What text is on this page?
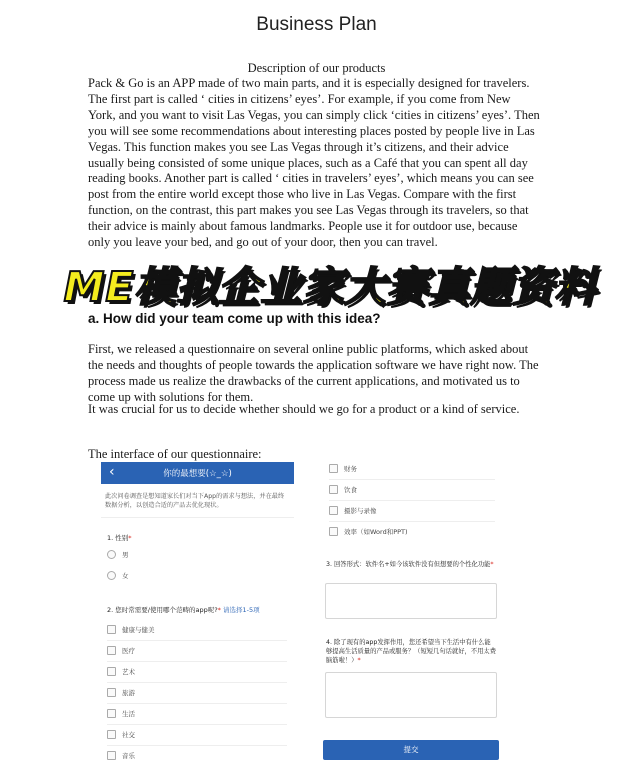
Business Plan
Description of our products

Pack & Go is an APP made of two main parts, and it is especially designed for travelers. The first part is called ‘ cities in citizens’ eyes’. For example, if you come from New York, and you want to visit Las Vegas, you can simply click ‘cities in citizens’ eyes’. Then you will see some recommendations about interesting places posted by people live in Las Vegas. This function makes you see Las Vegas through it’s citizens, and their advice usually being consisted of some unique places, such as a Café that you can spent all day reading books. Another part is called ‘ cities in travelers’ eyes’, which means you can see post from the entire world except those who live in Las Vegas. Compare with the first function, on the contrast, this part makes you see Las Vegas through its travelers, so that their advice is mainly about famous landmarks. People use it for outdoor use, because only you leave your bed, and go out of your door, then you can travel.

ME模拟企业家大赛真题资料
a. How did your team come up with this idea?

First, we released a questionnaire on several online public platforms, which asked about the needs and thoughts of people towards the application software we have right now. The process made us realize the drawbacks of the current applications, and motivated us to come up with solutions for them.

It was crucial for us to decide whether should we go for a product or a kind of service.

The interface of our questionnaire:

‹	你的最想要(☆_☆)

此次问卷调查是想知道家长们对当下App的需求与想法，并在最终数据分析，以创造合适的产品去优化现状。

1. 性别*
男
女
2. 您时常需要/使用哪个范畴的app呢?* 请选择1-5项
健康与健美
医疗
艺术
旅游
生活
社交
音乐
财务
饮食
摄影与录像
效率（如Word和PPT)

3. 回答形式：软件名+如今该软件没有但想要的个性化功能*

4. 除了现有的app发挥作用，您还希望当下生活中有什么能够提高生活质量的产品或服务？（短短几句话就好，不用太费脑筋啦！）*

提交
